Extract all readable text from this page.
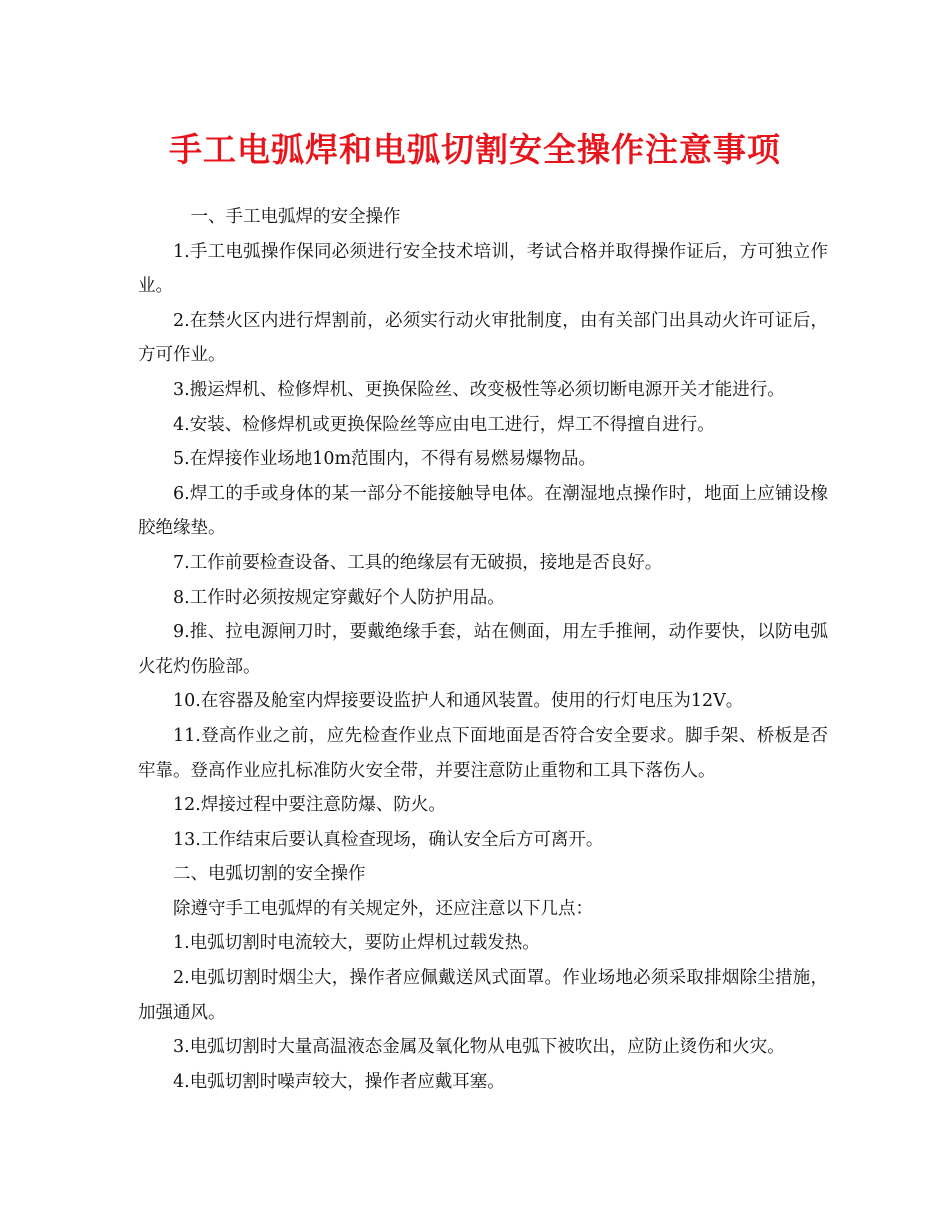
手工电弧焊和电弧切割安全操作注意事项

一、手工电弧焊的安全操作

1.手工电弧操作保同必须进行安全技术培训，考试合格并取得操作证后，方可独立作业。

2.在禁火区内进行焊割前，必须实行动火审批制度，由有关部门出具动火许可证后，方可作业。

3.搬运焊机、检修焊机、更换保险丝、改变极性等必须切断电源开关才能进行。

4.安装、检修焊机或更换保险丝等应由电工进行，焊工不得擅自进行。

5.在焊接作业场地10m范围内，不得有易燃易爆物品。

6.焊工的手或身体的某一部分不能接触导电体。在潮湿地点操作时，地面上应铺设橡胶绝缘垫。

7.工作前要检查设备、工具的绝缘层有无破损，接地是否良好。

8.工作时必须按规定穿戴好个人防护用品。

9.推、拉电源闸刀时，要戴绝缘手套，站在侧面，用左手推闸，动作要快，以防电弧火花灼伤脸部。

10.在容器及舱室内焊接要设监护人和通风装置。使用的行灯电压为12V。

11.登高作业之前，应先检查作业点下面地面是否符合安全要求。脚手架、桥板是否牢靠。登高作业应扎标准防火安全带，并要注意防止重物和工具下落伤人。

12.焊接过程中要注意防爆、防火。

13.工作结束后要认真检查现场，确认安全后方可离开。

二、电弧切割的安全操作

除遵守手工电弧焊的有关规定外，还应注意以下几点：

1.电弧切割时电流较大，要防止焊机过载发热。

2.电弧切割时烟尘大，操作者应佩戴送风式面罩。作业场地必须采取排烟除尘措施，加强通风。

3.电弧切割时大量高温液态金属及氧化物从电弧下被吹出，应防止烫伤和火灾。

4.电弧切割时噪声较大，操作者应戴耳塞。
